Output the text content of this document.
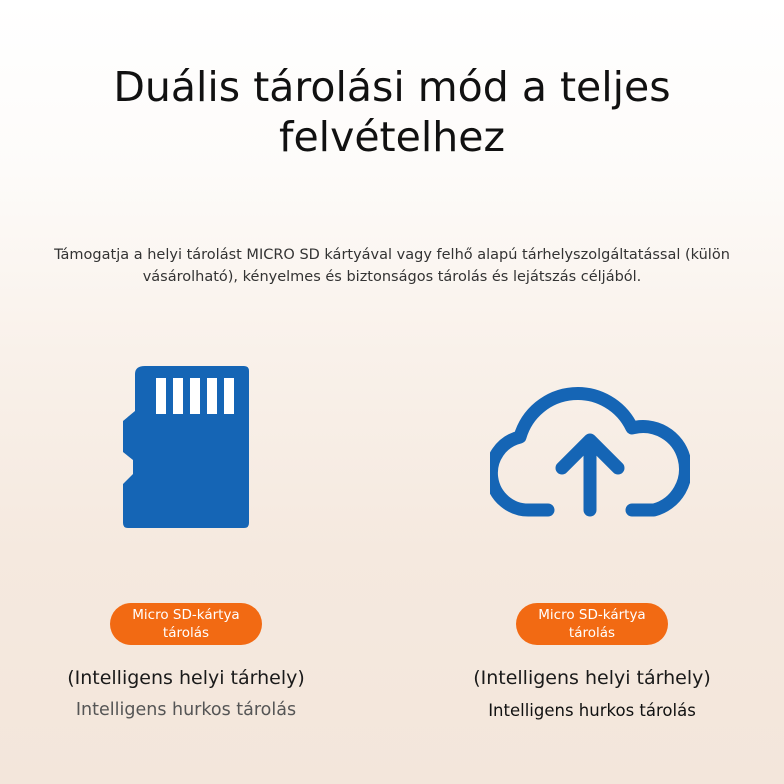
Duális tárolási mód a teljes felvételhez

Támogatja a helyi tárolást MICRO SD kártyával vagy felhő alapú tárhelyszolgáltatással (külön vásárolható), kényelmes és biztonságos tárolás és lejátszás céljából.

Micro SD-kártya tárolás
(Intelligens helyi tárhely)
Intelligens hurkos tárolás
Micro SD-kártya tárolás
(Intelligens helyi tárhely)
Intelligens hurkos tárolás
